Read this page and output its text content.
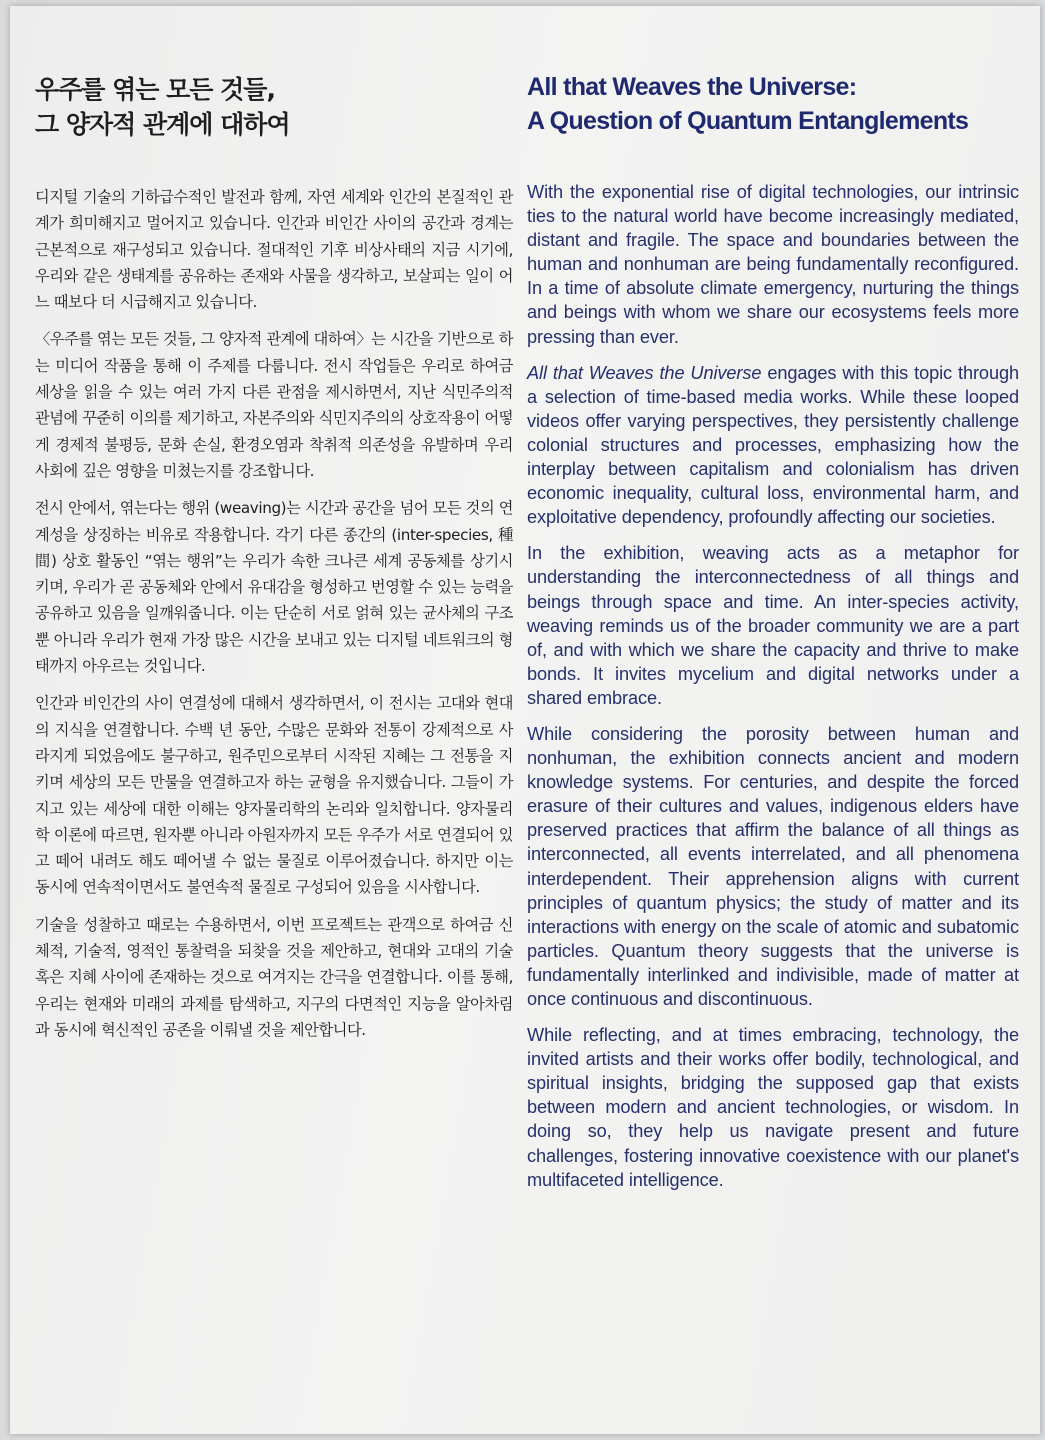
우주를 엮는 모든 것들,
그 양자적 관계에 대하여

디지털 기술의 기하급수적인 발전과 함께, 자연 세계와 인간의 본질적인 관계가 희미해지고 멀어지고 있습니다. 인간과 비인간 사이의 공간과 경계는 근본적으로 재구성되고 있습니다. 절대적인 기후 비상사태의 지금 시기에, 우리와 같은 생태계를 공유하는 존재와 사물을 생각하고, 보살피는 일이 어느 때보다 더 시급해지고 있습니다.

〈우주를 엮는 모든 것들, 그 양자적 관계에 대하여〉는 시간을 기반으로 하는 미디어 작품을 통해 이 주제를 다룹니다. 전시 작업들은 우리로 하여금 세상을 읽을 수 있는 여러 가지 다른 관점을 제시하면서, 지난 식민주의적 관념에 꾸준히 이의를 제기하고, 자본주의와 식민지주의의 상호작용이 어떻게 경제적 불평등, 문화 손실, 환경오염과 착취적 의존성을 유발하며 우리 사회에 깊은 영향을 미쳤는지를 강조합니다.

전시 안에서, 엮는다는 행위 (weaving)는 시간과 공간을 넘어 모든 것의 연계성을 상징하는 비유로 작용합니다. 각기 다른 종간의 (inter-species, 種間) 상호 활동인 “엮는 행위”는 우리가 속한 크나큰 세계 공동체를 상기시키며, 우리가 곧 공동체와 안에서 유대감을 형성하고 번영할 수 있는 능력을 공유하고 있음을 일깨워줍니다. 이는 단순히 서로 얽혀 있는 균사체의 구조뿐 아니라 우리가 현재 가장 많은 시간을 보내고 있는 디지털 네트워크의 형태까지 아우르는 것입니다.

인간과 비인간의 사이 연결성에 대해서 생각하면서, 이 전시는 고대와 현대의 지식을 연결합니다. 수백 년 동안, 수많은 문화와 전통이 강제적으로 사라지게 되었음에도 불구하고, 원주민으로부터 시작된 지혜는 그 전통을 지키며 세상의 모든 만물을 연결하고자 하는 균형을 유지했습니다. 그들이 가지고 있는 세상에 대한 이해는 양자물리학의 논리와 일치합니다. 양자물리학 이론에 따르면, 원자뿐 아니라 아원자까지 모든 우주가 서로 연결되어 있고 떼어 내려도 해도 떼어낼 수 없는 물질로 이루어졌습니다. 하지만 이는 동시에 연속적이면서도 불연속적 물질로 구성되어 있음을 시사합니다.

기술을 성찰하고 때로는 수용하면서, 이번 프로젝트는 관객으로 하여금 신체적, 기술적, 영적인 통찰력을 되찾을 것을 제안하고, 현대와 고대의 기술 혹은 지혜 사이에 존재하는 것으로 여겨지는 간극을 연결합니다. 이를 통해, 우리는 현재와 미래의 과제를 탐색하고, 지구의 다면적인 지능을 알아차림과 동시에 혁신적인 공존을 이뤄낼 것을 제안합니다.

All that Weaves the Universe:
A Question of Quantum Entanglements

With the exponential rise of digital technologies, our intrinsic ties to the natural world have become increasingly mediated, distant and fragile. The space and boundaries between the human and nonhuman are being fundamentally reconfigured. In a time of absolute climate emergency, nurturing the things and beings with whom we share our ecosystems feels more pressing than ever.

All that Weaves the Universe engages with this topic through a selection of time-based media works. While these looped videos offer varying perspectives, they persistently challenge colonial structures and processes, emphasizing how the interplay between capitalism and colonialism has driven economic inequality, cultural loss, environmental harm, and exploitative dependency, profoundly affecting our societies.

In the exhibition, weaving acts as a metaphor for understanding the interconnectedness of all things and beings through space and time. An inter-species activity, weaving reminds us of the broader community we are a part of, and with which we share the capacity and thrive to make bonds. It invites mycelium and digital networks under a shared embrace.

While considering the porosity between human and nonhuman, the exhibition connects ancient and modern knowledge systems. For centuries, and despite the forced erasure of their cultures and values, indigenous elders have preserved practices that affirm the balance of all things as interconnected, all events interrelated, and all phenomena interdependent. Their apprehension aligns with current principles of quantum physics; the study of matter and its interactions with energy on the scale of atomic and subatomic particles. Quantum theory suggests that the universe is fundamentally interlinked and indivisible, made of matter at once continuous and discontinuous.

While reflecting, and at times embracing, technology, the invited artists and their works offer bodily, technological, and spiritual insights, bridging the supposed gap that exists between modern and ancient technologies, or wisdom. In doing so, they help us navigate present and future challenges, fostering innovative coexistence with our planet's multifaceted intelligence.
